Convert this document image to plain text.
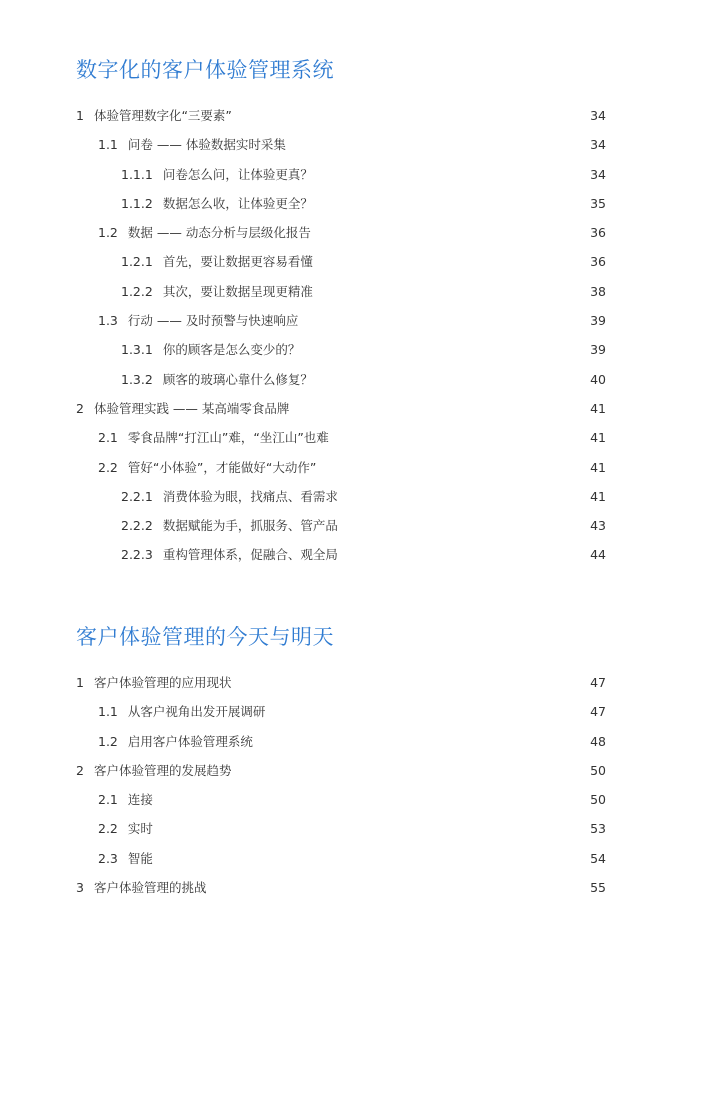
数字化的客户体验管理系统
1 体验管理数字化“三要素”	34
1.1 问卷 —— 体验数据实时采集	34
1.1.1 问卷怎么问，让体验更真？	34
1.1.2 数据怎么收，让体验更全？	35
1.2 数据 —— 动态分析与层级化报告	36
1.2.1 首先，要让数据更容易看懂	36
1.2.2 其次，要让数据呈现更精准	38
1.3 行动 —— 及时预警与快速响应	39
1.3.1 你的顾客是怎么变少的？	39
1.3.2 顾客的玻璃心靠什么修复？	40
2 体验管理实践 —— 某高端零食品牌	41
2.1 零食品牌“打江山”难，“坐江山”也难	41
2.2 管好“小体验”，才能做好“大动作”	41
2.2.1 消费体验为眼，找痛点、看需求	41
2.2.2 数据赋能为手，抓服务、管产品	43
2.2.3 重构管理体系，促融合、观全局	44
客户体验管理的今天与明天
1 客户体验管理的应用现状	47
1.1 从客户视角出发开展调研	47
1.2 启用客户体验管理系统	48
2 客户体验管理的发展趋势	50
2.1 连接	50
2.2 实时	53
2.3 智能	54
3 客户体验管理的挑战	55
